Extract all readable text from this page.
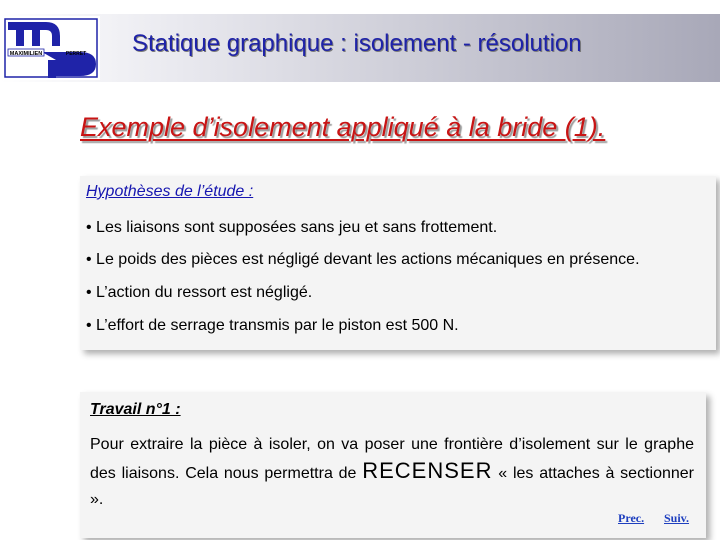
MAXIMILIEN	PERRET Statique graphique : isolement - résolution
Exemple d’isolement appliqué à la bride (1).
Hypothèses de l’étude :
• Les liaisons sont supposées sans jeu et sans frottement.
• Le poids des pièces est négligé devant les actions mécaniques en présence.
• L’action du ressort est négligé.
• L’effort de serrage transmis par le piston est 500 N.
Travail n°1 :
Pour extraire la pièce à isoler, on va poser une frontière d’isolement sur le graphe des liaisons. Cela nous permettra de RECENSER « les attaches à sectionner ».
Prec. Suiv.
